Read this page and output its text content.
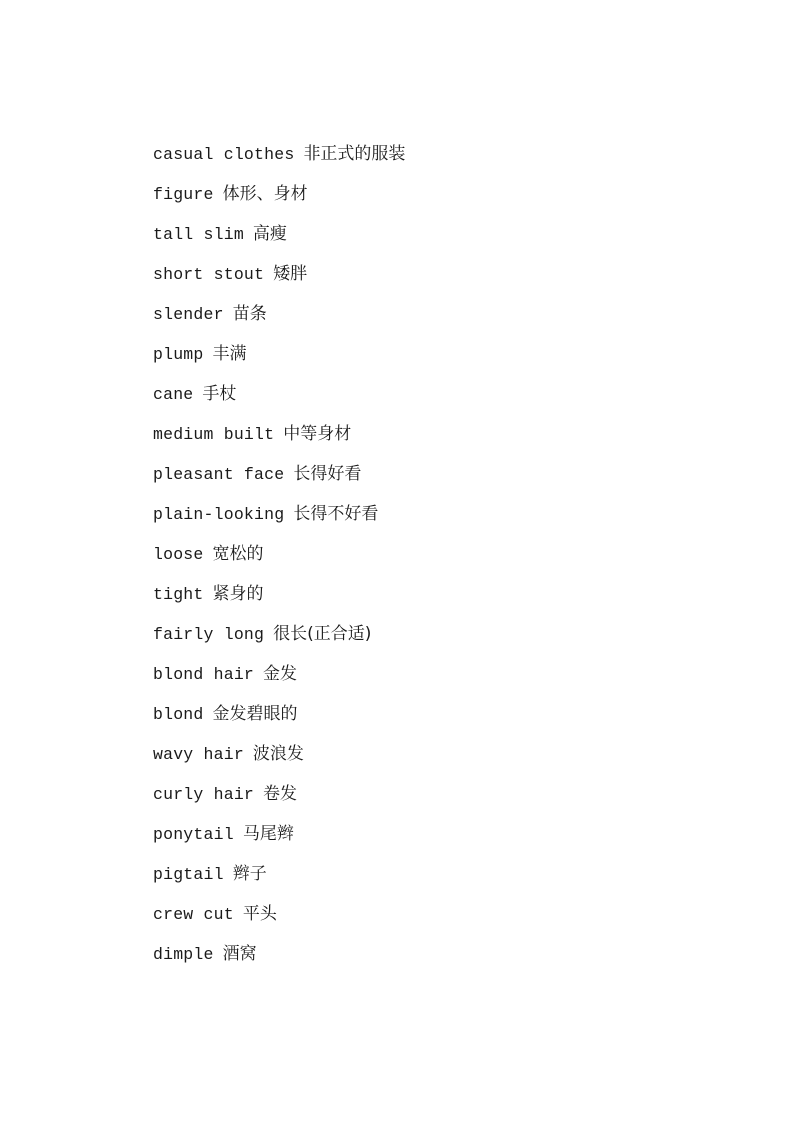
casual clothes 非正式的服装
figure 体形、身材
tall slim 高瘦
short stout 矮胖
slender 苗条
plump 丰满
cane 手杖
medium built 中等身材
pleasant face 长得好看
plain-looking 长得不好看
loose 宽松的
tight 紧身的
fairly long 很长(正合适)
blond hair 金发
blond 金发碧眼的
wavy hair 波浪发
curly hair 卷发
ponytail 马尾辫
pigtail 辫子
crew cut 平头
dimple 酒窝
